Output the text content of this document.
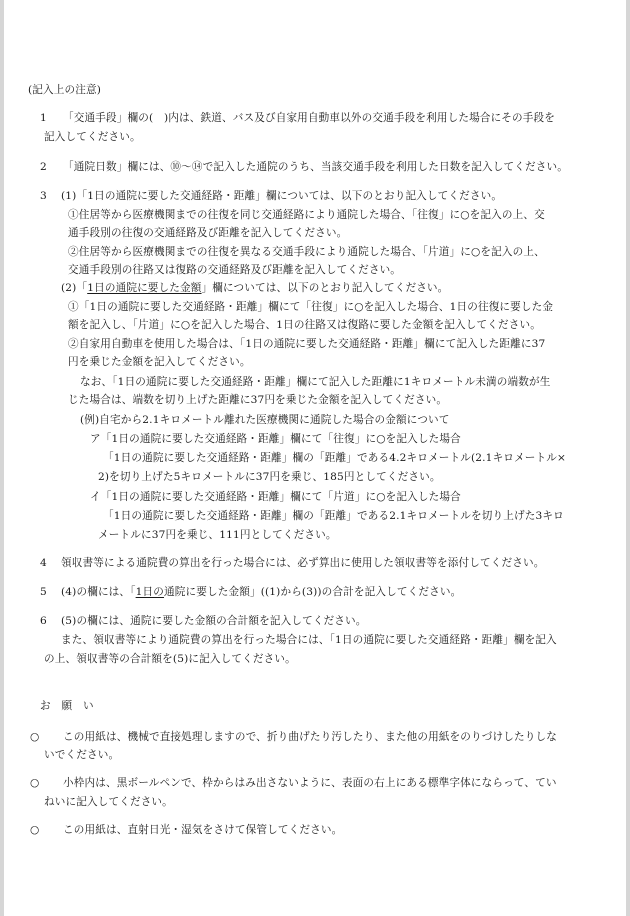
(記入上の注意)
1 「交通手段」欄の(　)内は、鉄道、バス及び自家用自動車以外の交通手段を利用した場合にその手段を
記入してください。
2 「通院日数」欄には、⑩～⑭で記入した通院のうち、当該交通手段を利用した日数を記入してください。
3 (1)「1日の通院に要した交通経路・距離」欄については、以下のとおり記入してください。
①住居等から医療機関までの往復を同じ交通経路により通院した場合、「往復」に○を記入の上、交
通手段別の往復の交通経路及び距離を記入してください。
②住居等から医療機関までの往復を異なる交通手段により通院した場合、「片道」に○を記入の上、
交通手段別の往路又は復路の交通経路及び距離を記入してください。
(2)「1日の通院に要した金額」欄については、以下のとおり記入してください。
①「1日の通院に要した交通経路・距離」欄にて「往復」に○を記入した場合、1日の往復に要した金
額を記入し、「片道」に○を記入した場合、1日の往路又は復路に要した金額を記入してください。
②自家用自動車を使用した場合は、「1日の通院に要した交通経路・距離」欄にて記入した距離に37
円を乗じた金額を記入してください。
なお、「1日の通院に要した交通経路・距離」欄にて記入した距離に1キロメートル未満の端数が生
じた場合は、端数を切り上げた距離に37円を乗じた金額を記入してください。
(例)自宅から2.1キロメートル離れた医療機関に通院した場合の金額について
ア「1日の通院に要した交通経路・距離」欄にて「往復」に○を記入した場合
「1日の通院に要した交通経路・距離」欄の「距離」である4.2キロメートル(2.1キロメートル×
2)を切り上げた5キロメートルに37円を乗じ、185円としてください。
イ「1日の通院に要した交通経路・距離」欄にて「片道」に○を記入した場合
「1日の通院に要した交通経路・距離」欄の「距離」である2.1キロメートルを切り上げた3キロ
メートルに37円を乗じ、111円としてください。
4 領収書等による通院費の算出を行った場合には、必ず算出に使用した領収書等を添付してください。
5 (4)の欄には、「1日の通院に要した金額」((1)から(3))の合計を記入してください。
6 (5)の欄には、通院に要した金額の合計額を記入してください。
また、領収書等により通院費の算出を行った場合には、「1日の通院に要した交通経路・距離」欄を記入
の上、領収書等の合計額を(5)に記入してください。
お　願　い
○ この用紙は、機械で直接処理しますので、折り曲げたり汚したり、また他の用紙をのりづけしたりしな
いでください。
○ 小枠内は、黒ボールペンで、枠からはみ出さないように、表面の右上にある標準字体にならって、てい
ねいに記入してください。
○ この用紙は、直射日光・湿気をさけて保管してください。
